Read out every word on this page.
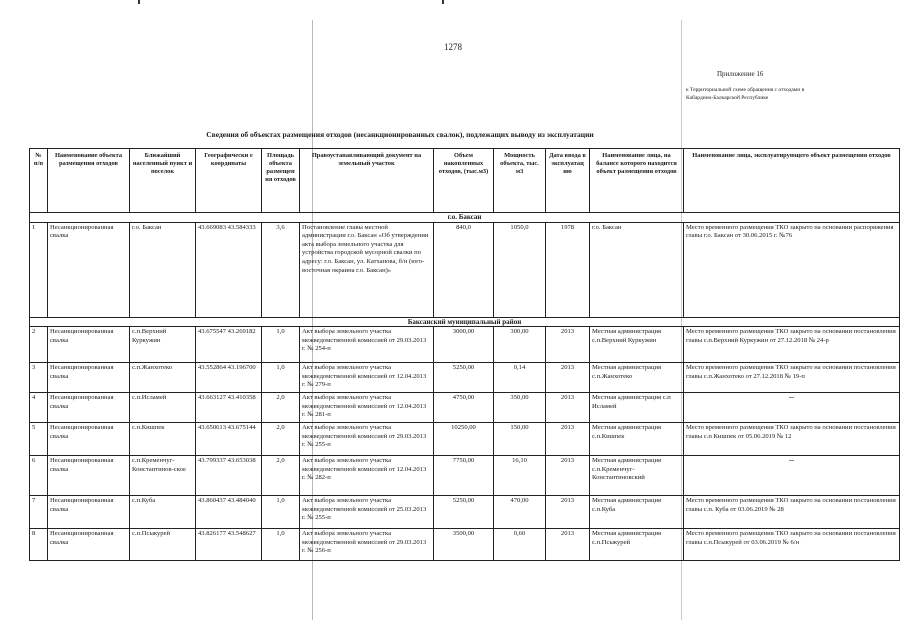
1278
Приложение 16
к Территориальной схеме обращения с отходами в Кабардино-Балкарской Республике
Сведения об объектах размещения отходов (несанкционированных свалок), подлежащих выводу из эксплуатации
№ п/п	Наименование объекта размещения отходов	Ближайший населенный пункт и поселок	Географически е координаты	Площадь объекта размещен ия отходов	Правоустанавливающий документ на земельный участок	Объем накопленных отходов, (тыс.м3)	Мощность объекта, тыс. м3	Дата ввода в эксплуатац ию	Наименование лица, на балансе которого находится объект размещения отходов	Наименование лица, эксплуатирующего объект размещения отходов
г.о. Баксан										
1	Несанкционированная свалка	г.о. Баксан	43.669083 43.584333	3,6	Постановление главы местной администрации г.о. Баксан «Об утверждении акта выбора земельного участка для устройства городской мусорной свалки по адресу: г.о. Баксан, ул. Катханова, б/н (юго-восточная окраина г.о. Баксан)»	840,0	1050,0	1978	г.о. Баксан	Место временного размещения ТКО закрыто на основании распоряжения главы г.о. Баксан от 30.06.2015 г. №76
Баксанский муниципальный район										
2	Несанкционированная свалка	с.п.Верхний Куркужин	43.675547 43.269182	1,0	Акт выбора земельного участка межведомственной комиссией от 29.03.2013 г. № 254-п	3000,00	300,00	2013	Местная администрация с.п.Верхний Куркужин	Место временного размещения ТКО закрыто на основании постановления главы с.п.Верхний Куркужин от 27.12.2018 № 24-р
3	Несанкционированная свалка	с.п.Жанхотеко	43.552864 43.196700	1,0	Акт выбора земельного участка межведомственной комиссией от 12.04.2013 г. № 279-п	5250,00	0,14	2013	Местная администрация с.п.Жанхотеко	Место временного размещения ТКО закрыто на основании постановления главы с.п.Жанхотеко от 27.12.2018 № 19-п
4	Несанкционированная свалка	с.п.Исламей	43.663127 43.410358	2,0	Акт выбора земельного участка межведомственной комиссией от 12.04.2013 г. № 281-п	4750,00	350,00	2013	Местная администрация с.п Исламей	–
5	Несанкционированная свалка	с.п.Кишпек	43.650613 43.675144	2,0	Акт выбора земельного участка межведомственной комиссией от 29.03.2013 г. № 255-п	10250,00	150,00	2013	Местная администрация с.п.Кишпек	Место временного размещения ТКО закрыто на основании постановления главы с.п Кишпек от 05.06.2019 № 12
6	Несанкционированная свалка	с.п.Кременчуг-Константинов-ское	43.799337 43.653038	2,0	Акт выбора земельного участка межведомственной комиссией от 12.04.2013 г. № 282-п	7750,00	16,10	2013	Местная администрация с.п.Кременчуг-Константиновский	–
7	Несанкционированная свалка	с.п.Куба	43.860437 43.484040	1,0	Акт выбора земельного участка межведомственной комиссией от 25.03.2013 г. № 255-п	5250,00	470,00	2013	Местная администрация с.п.Куба	Место временного размещения ТКО закрыто на основании постановления главы с.п. Куба от 03.06.2019 № 28
8	Несанкционированная свалка	с.п.Псыкурей	43.826177 43.548627	1,0	Акт выбора земельного участка межведомственной комиссией от 29.03.2013 г. № 256-п	3500,00	0,60	2013	Местная администрация с.п.Псыкурей	Место временного размещения ТКО закрыто на основании постановления главы с.п.Псыкурей от 03.06.2019 № 6/н
